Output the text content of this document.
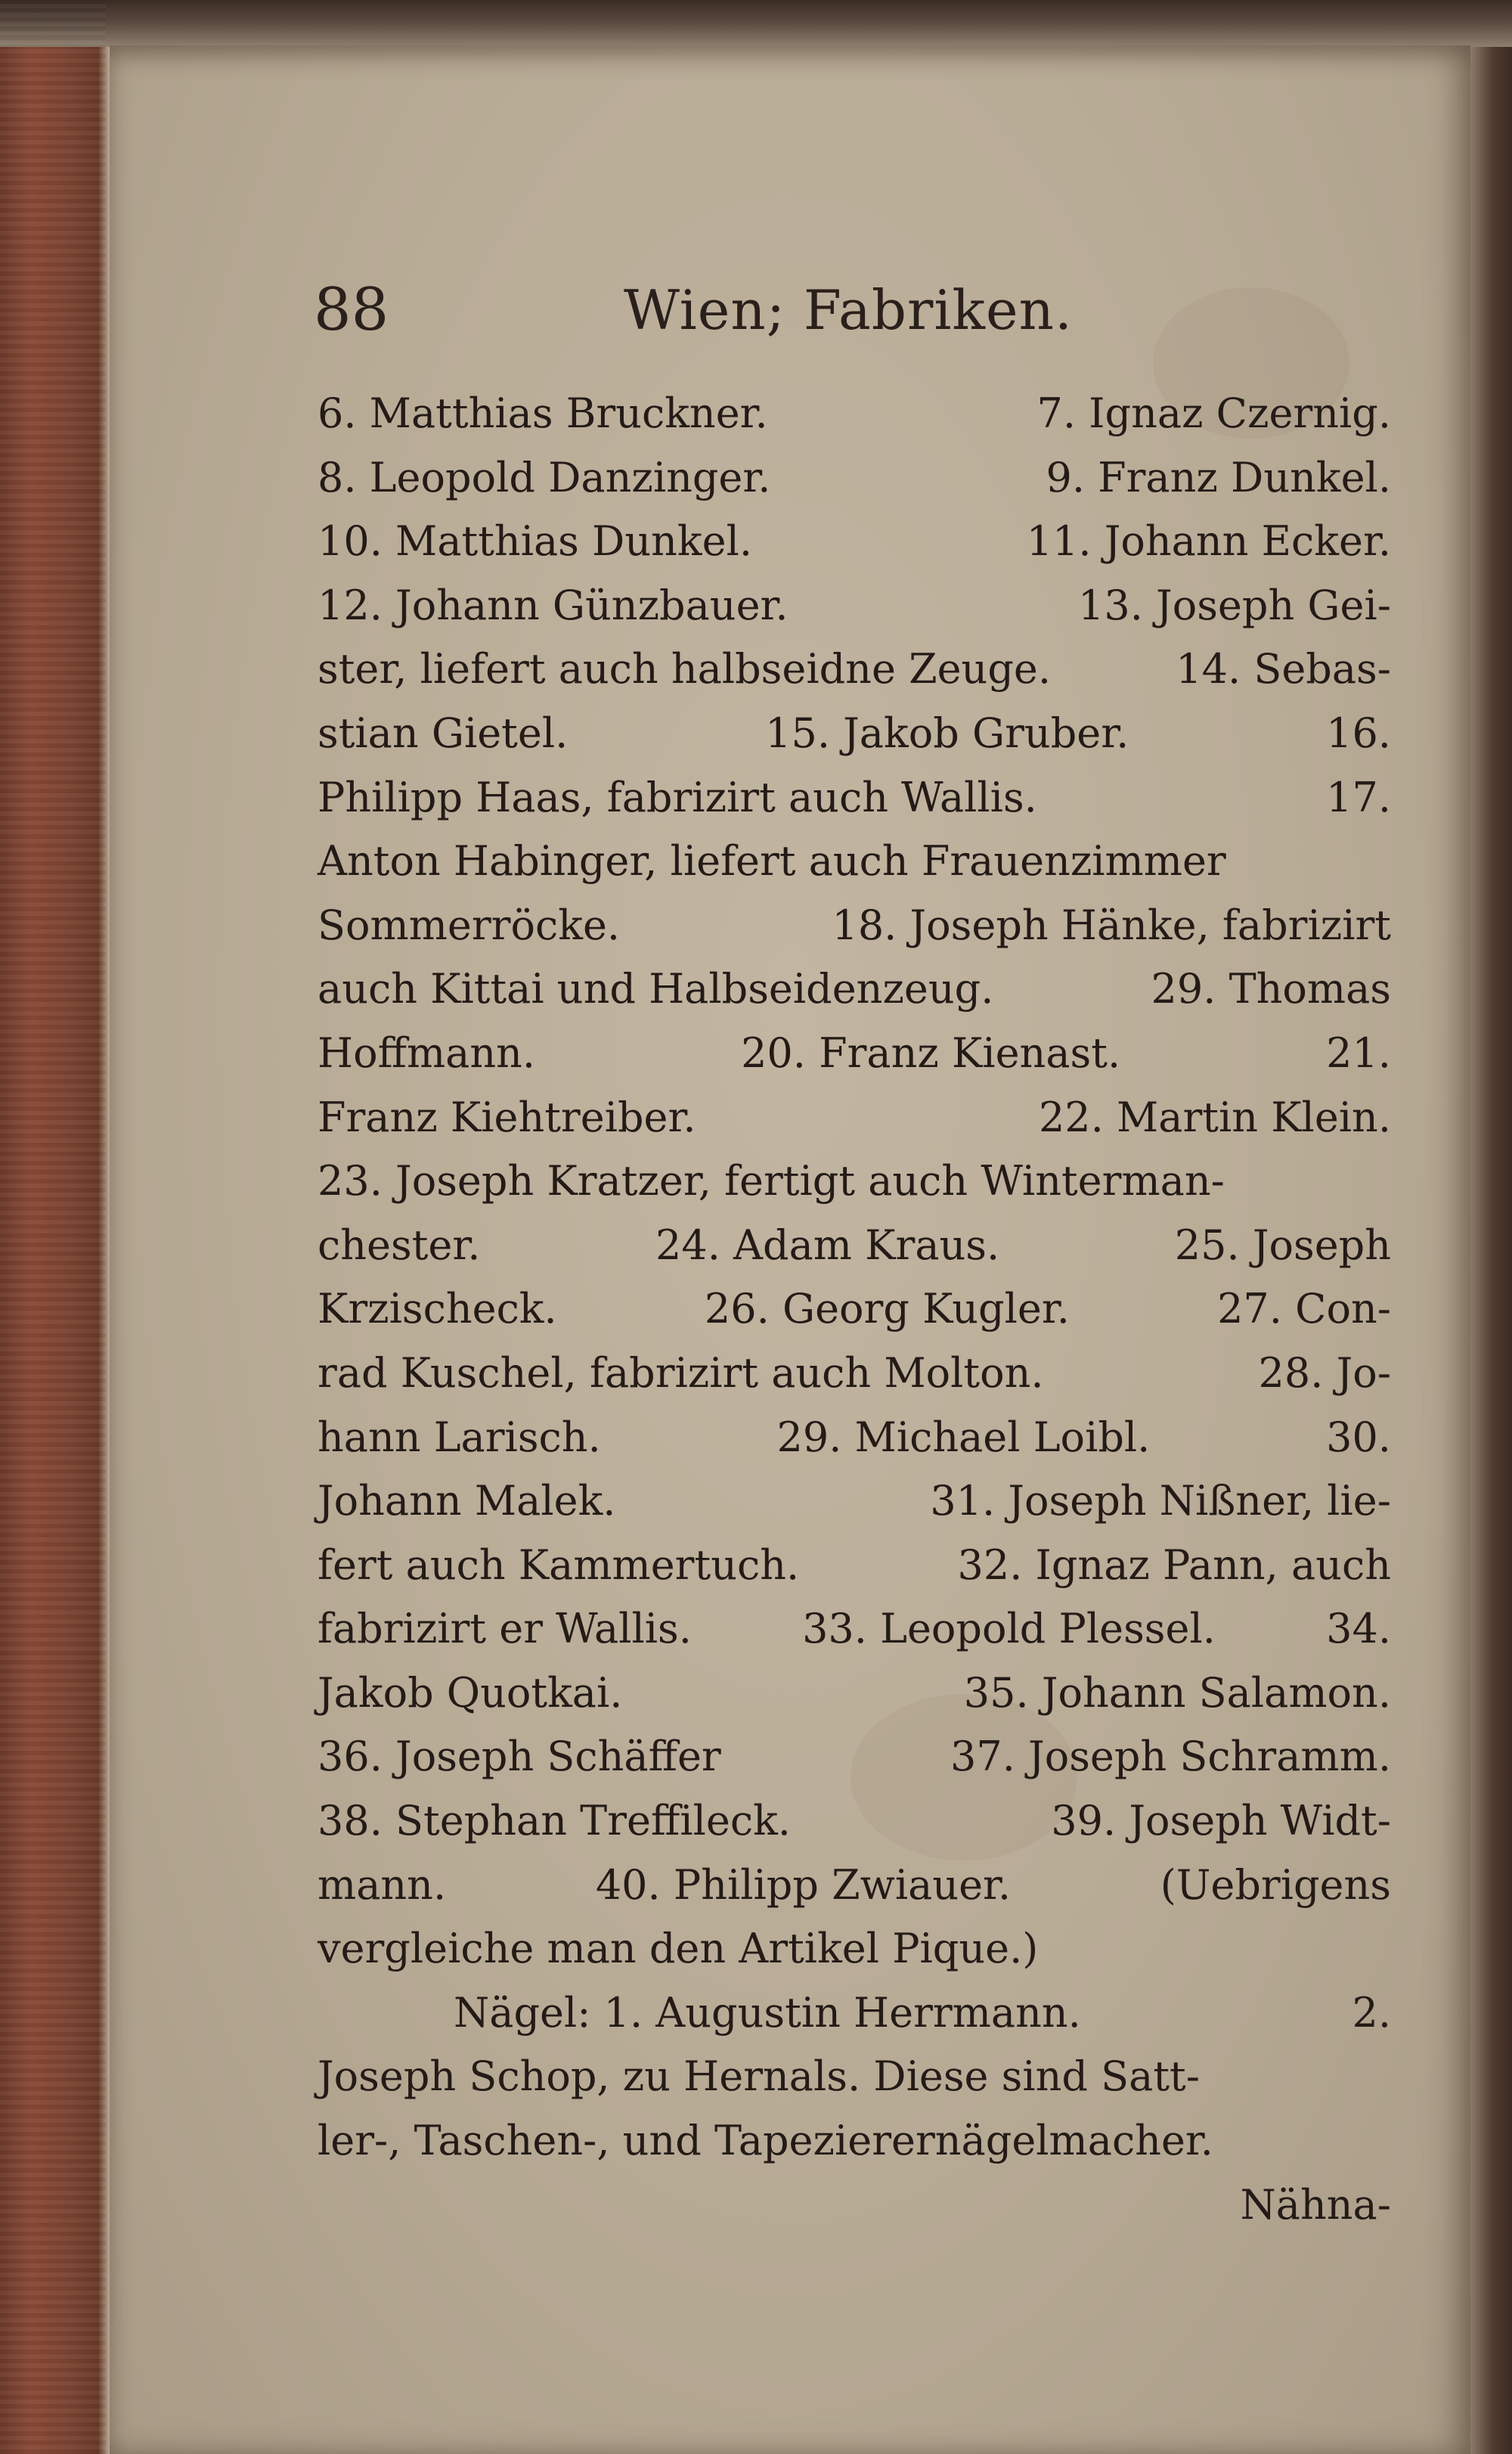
88	Wien; Fabriken.
6. Matthias Bruckner.	7. Ignaz Czernig.
8. Leopold Danzinger.	9. Franz Dunkel.
10. Matthias Dunkel.	11. Johann Ecker.
12. Johann Günzbauer.	13. Joseph Gei-
ster, liefert auch halbseidne Zeuge.	14. Sebas-
stian Gietel.	15. Jakob Gruber.	16.
Philipp Haas, fabrizirt auch Wallis.	17.
Anton Habinger, liefert auch Frauenzimmer
Sommerröcke.	18. Joseph Hänke, fabrizirt
auch Kittai und Halbseidenzeug.	29. Thomas
Hoffmann.	20. Franz Kienast.	21.
Franz Kiehtreiber.	22. Martin Klein.
23. Joseph Kratzer, fertigt auch Winterman-
chester.	24. Adam Kraus.	25. Joseph
Krzischeck.	26. Georg Kugler.	27. Con-
rad Kuschel, fabrizirt auch Molton.	28. Jo-
hann Larisch.	29. Michael Loibl.	30.
Johann Malek.	31. Joseph Nißner, lie-
fert auch Kammertuch.	32. Ignaz Pann, auch
fabrizirt er Wallis.	33. Leopold Plessel.	34.
Jakob Quotkai.	35. Johann Salamon.
36. Joseph Schäffer	37. Joseph Schramm.
38. Stephan Treffileck.	39. Joseph Widt-
mann.	40. Philipp Zwiauer.	(Uebrigens
vergleiche man den Artikel Pique.)
Nägel: 1. Augustin Herrmann.	2.
Joseph Schop, zu Hernals. Diese sind Satt-
ler-, Taschen-, und Tapezierernägelmacher.
Nähna-
